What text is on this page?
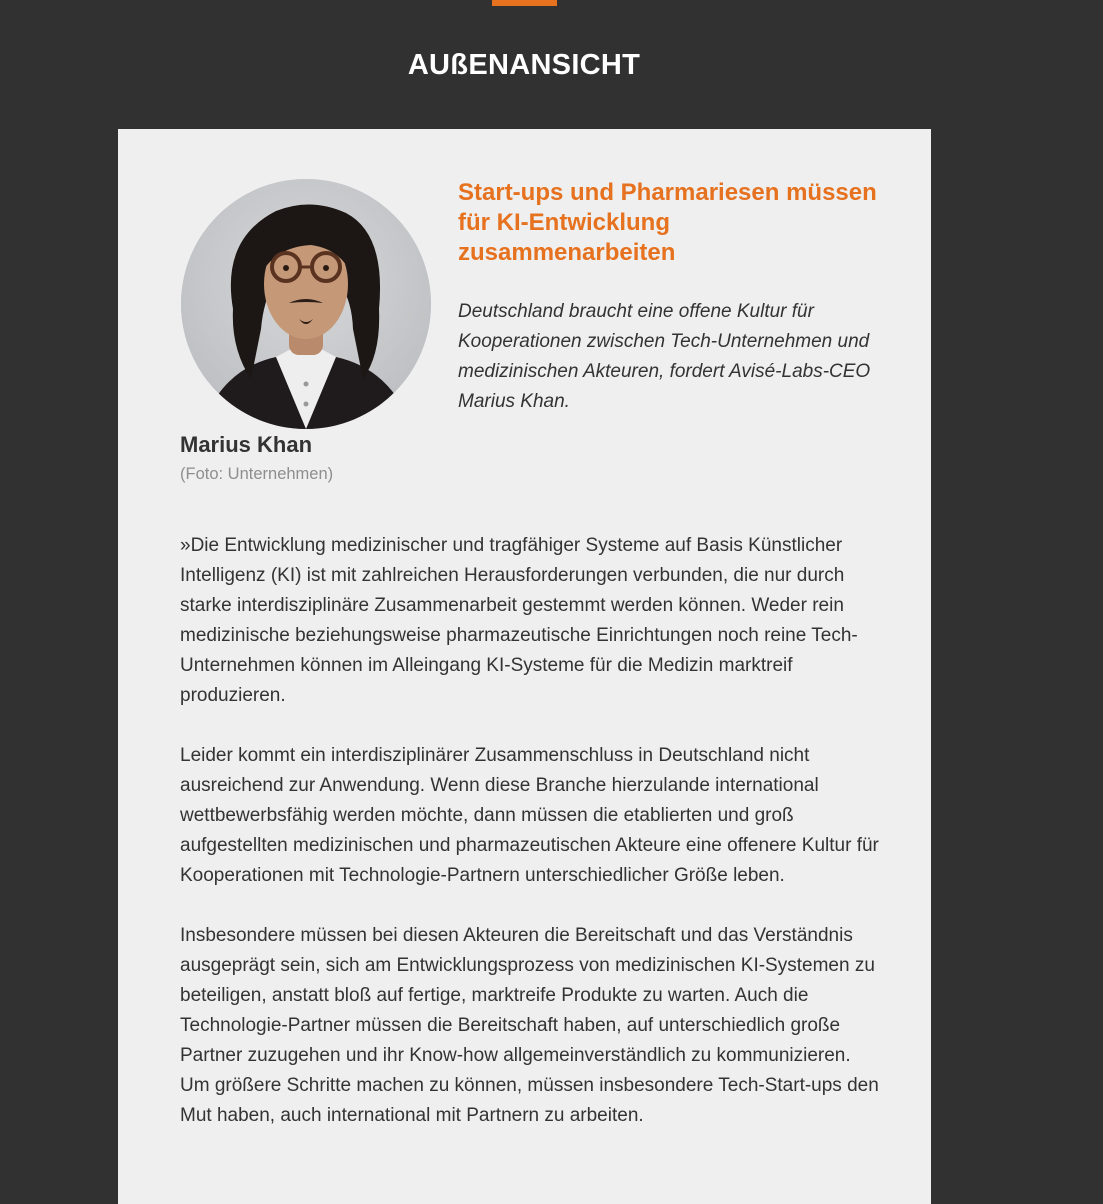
AUßENANSICHT

Marius Khan

(Foto: Unternehmen)

Start-ups und Pharmariesen müssen für KI-Entwicklung zusammenarbeiten

Deutschland braucht eine offene Kultur für Kooperationen zwischen Tech-Unternehmen und medizinischen Akteuren, fordert Avisé-Labs-CEO Marius Khan.

»Die Entwicklung medizinischer und tragfähiger Systeme auf Basis Künstlicher Intelligenz (KI) ist mit zahlreichen Herausforderungen verbunden, die nur durch starke interdisziplinäre Zusammenarbeit gestemmt werden können. Weder rein medizinische beziehungsweise pharmazeutische Einrichtungen noch reine Tech-Unternehmen können im Alleingang KI-Systeme für die Medizin marktreif produzieren.

Leider kommt ein interdisziplinärer Zusammenschluss in Deutschland nicht ausreichend zur Anwendung. Wenn diese Branche hierzulande international wettbewerbsfähig werden möchte, dann müssen die etablierten und groß aufgestellten medizinischen und pharmazeutischen Akteure eine offenere Kultur für Kooperationen mit Technologie-Partnern unterschiedlicher Größe leben.

Insbesondere müssen bei diesen Akteuren die Bereitschaft und das Verständnis ausgeprägt sein, sich am Entwicklungsprozess von medizinischen KI-Systemen zu beteiligen, anstatt bloß auf fertige, marktreife Produkte zu warten. Auch die Technologie-Partner müssen die Bereitschaft haben, auf unterschiedlich große Partner zuzugehen und ihr Know-how allgemeinverständlich zu kommunizieren. Um größere Schritte machen zu können, müssen insbesondere Tech-Start-ups den Mut haben, auch international mit Partnern zu arbeiten.
